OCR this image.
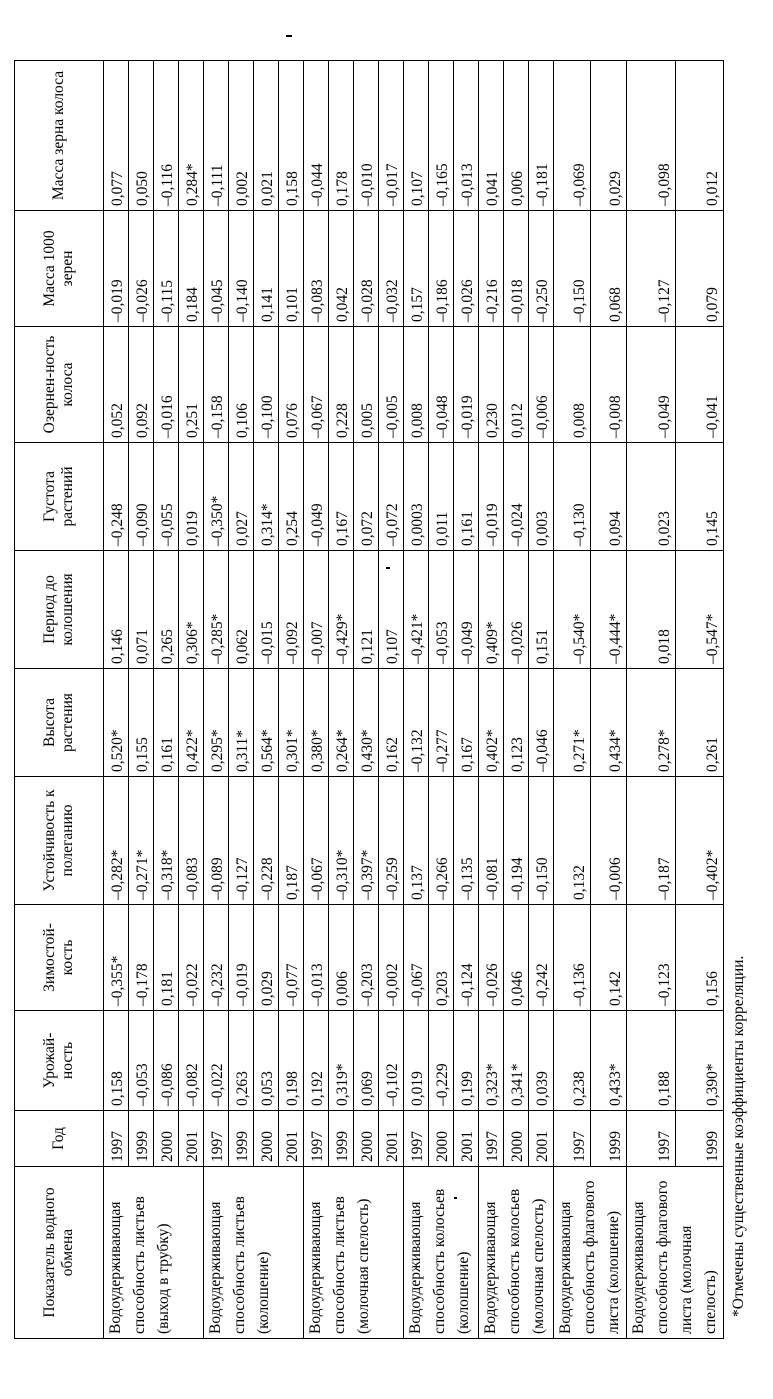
Показатель водного обмена	Год	Урожай-ность	Зимостой-кость	Устойчивость к полеганию	Высота растения	Период до колошения	Густота растений	Озернен-ность колоса	Масса 1000 зерен	Масса зерна колоса
Водоудерживающая способность листьев (выход в трубку)	1997	0,158	–0,355*	–0,282*	0,520*	0,146	–0,248	0,052	–0,019	0,077
	1999	–0,053	–0,178	–0,271*	0,155	0,071	–0,090	0,092	–0,026	0,050
	2000	–0,086	0,181	–0,318*	0,161	0,265	–0,055	–0,016	–0,115	–0,116
	2001	–0,082	–0,022	–0,083	0,422*	0,306*	0,019	0,251	0,184	0,284*
Водоудерживающая способность листьев (колошение)	1997	–0,022	–0,232	–0,089	0,295*	–0,285*	–0,350*	–0,158	–0,045	–0,111
	1999	0,263	–0,019	–0,127	0,311*	0,062	0,027	0,106	–0,140	0,002
	2000	0,053	0,029	–0,228	0,564*	–0,015	0,314*	–0,100	0,141	0,021
	2001	0,198	–0,077	0,187	0,301*	–0,092	0,254	0,076	0,101	0,158
Водоудерживающая способность листьев (молочная спелость)	1997	0,192	–0,013	–0,067	0,380*	–0,007	–0,049	–0,067	–0,083	–0,044
	1999	0,319*	0,006	–0,310*	0,264*	–0,429*	0,167	0,228	0,042	0,178
	2000	0,069	–0,203	–0,397*	0,430*	0,121	0,072	0,005	–0,028	–0,010
	2001	–0,102	–0,002	–0,259	0,162	0,107	–0,072	–0,005	–0,032	–0,017
Водоудерживающая способность колосьев (колошение)	1997	0,019	–0,067	0,137	–0,132	–0,421*	0,0003	0,008	0,157	0,107
	2000	–0,229	0,203	–0,266	–0,277	–0,053	0,011	–0,048	–0,186	–0,165
	2001	0,199	–0,124	–0,135	0,167	–0,049	0,161	–0,019	–0,026	–0,013
Водоудерживающая способность колосьев (молочная спелость)	1997	0,323*	–0,026	–0,081	0,402*	0,409*	–0,019	0,230	–0,216	0,041
	2000	0,341*	0,046	–0,194	0,123	–0,026	–0,024	0,012	–0,018	0,006
	2001	0,039	–0,242	–0,150	–0,046	0,151	0,003	–0,006	–0,250	–0,181
Водоудерживающая способность флагового листа (колошение)	1997	0,238	–0,136	0,132	0,271*	–0,540*	–0,130	0,008	–0,150	–0,069
	1999	0,433*	0,142	–0,006	0,434*	–0,444*	0,094	–0,008	0,068	0,029
Водоудерживающая способность флагового листа (молочная спелость)	1997	0,188	–0,123	–0,187	0,278*	0,018	0,023	–0,049	–0,127	–0,098
	1999	0,390*	0,156	–0,402*	0,261	–0,547*	0,145	–0,041	0,079	0,012
*Отмечены существенные коэффициенты корреляции.
